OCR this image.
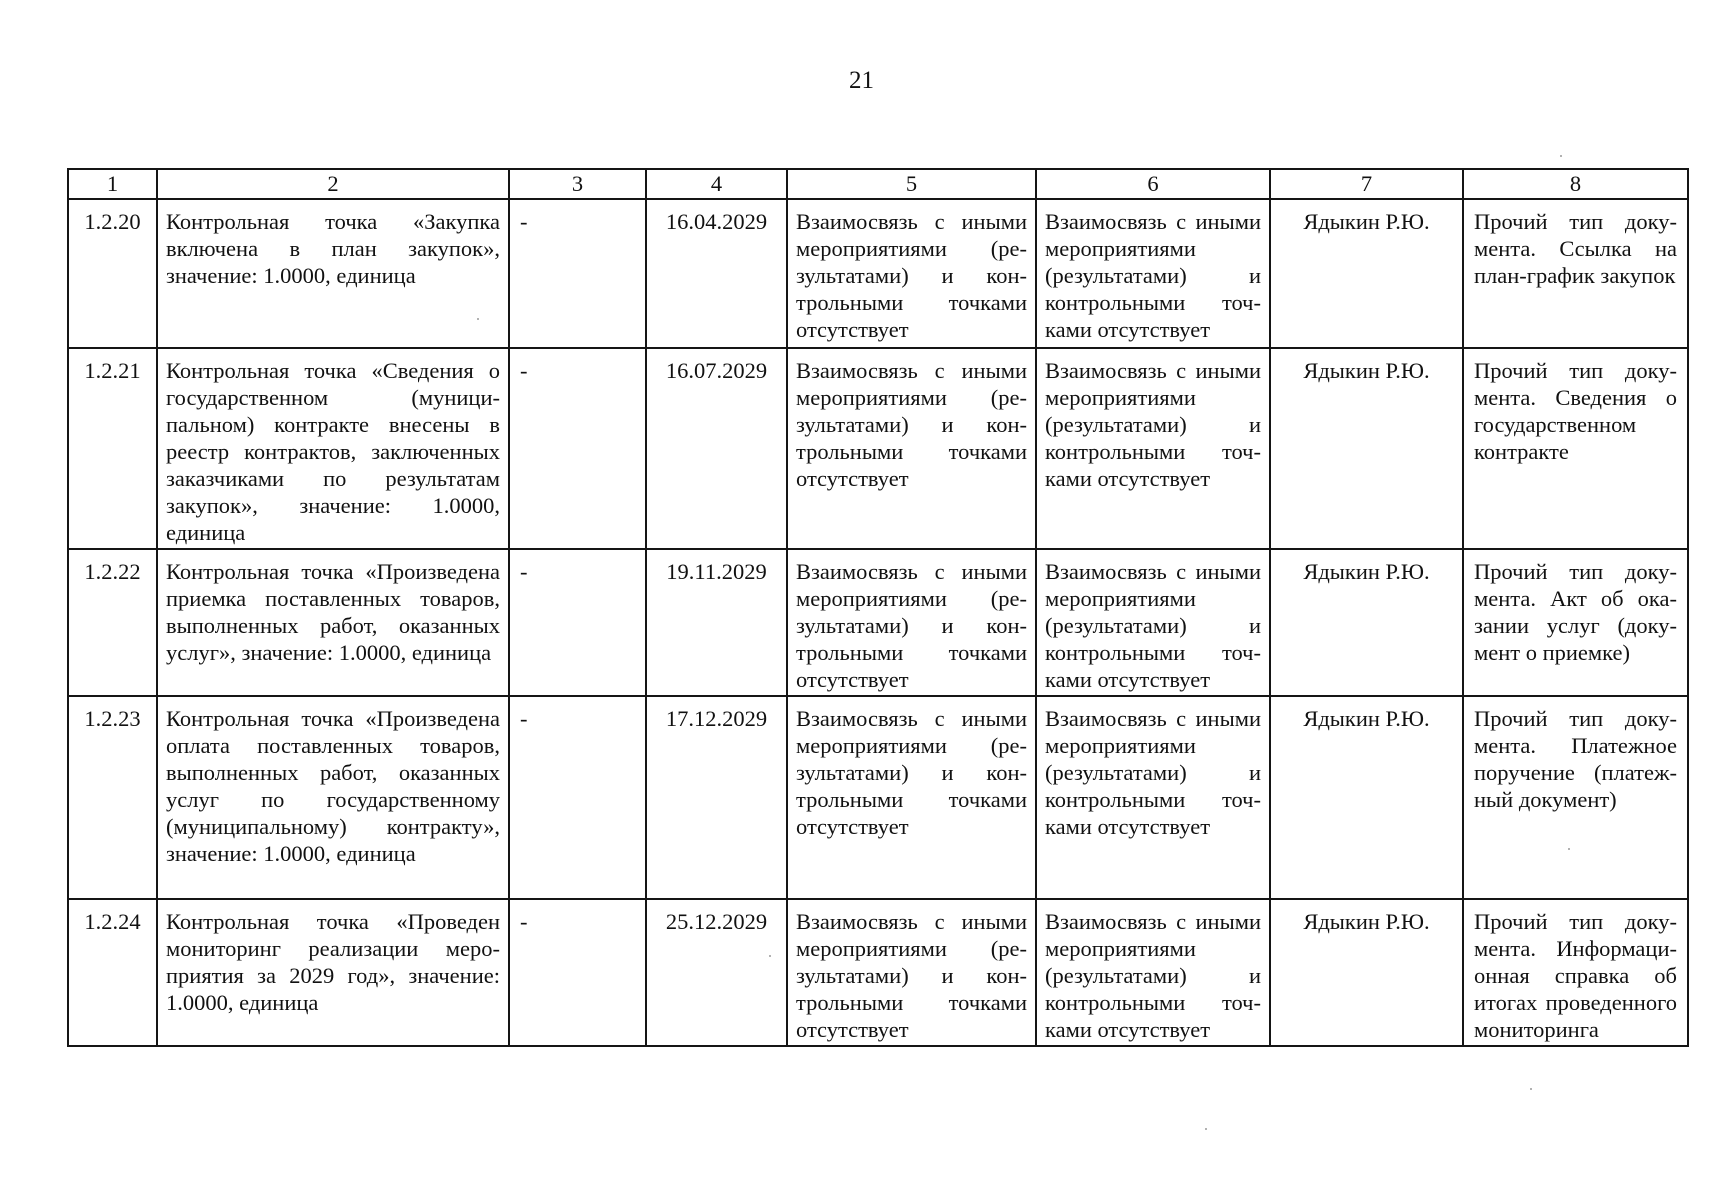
21
1	2	3	4	5	6	7	8
1.2.20	Контрольная точка «Закупка включена в план закупок», значение: 1.0000, единица	-	16.04.2029	Взаимосвязь с иными мероприятиями (результатами) и контрольными точками отсутствует	Взаимосвязь с иными мероприятиями (результатами) и контрольными точками отсутствует	Ядыкин Р.Ю.	Прочий тип документа. Ссылка на план-график закупок
1.2.21	Контрольная точка «Сведения о государственном (муниципальном) контракте внесены в реестр контрактов, заключенных заказчиками по результатам закупок», значение: 1.0000, единица	-	16.07.2029	Взаимосвязь с иными мероприятиями (результатами) и контрольными точками отсутствует	Взаимосвязь с иными мероприятиями (результатами) и контрольными точками отсутствует	Ядыкин Р.Ю.	Прочий тип документа. Сведения о государственном контракте
1.2.22	Контрольная точка «Произведена приемка поставленных товаров, выполненных работ, оказанных услуг», значение: 1.0000, единица	-	19.11.2029	Взаимосвязь с иными мероприятиями (результатами) и контрольными точками отсутствует	Взаимосвязь с иными мероприятиями (результатами) и контрольными точками отсутствует	Ядыкин Р.Ю.	Прочий тип документа. Акт об оказании услуг (документ о приемке)
1.2.23	Контрольная точка «Произведена оплата поставленных товаров, выполненных работ, оказанных услуг по государственному (муниципальному) контракту», значение: 1.0000, единица	-	17.12.2029	Взаимосвязь с иными мероприятиями (результатами) и контрольными точками отсутствует	Взаимосвязь с иными мероприятиями (результатами) и контрольными точками отсутствует	Ядыкин Р.Ю.	Прочий тип документа. Платежное поручение (платежный документ)
1.2.24	Контрольная точка «Проведен мониторинг реализации мероприятия за 2029 год», значение: 1.0000, единица	-	25.12.2029	Взаимосвязь с иными мероприятиями (результатами) и контрольными точками отсутствует	Взаимосвязь с иными мероприятиями (результатами) и контрольными точками отсутствует	Ядыкин Р.Ю.	Прочий тип документа. Информационная справка об итогах проведенного мониторинга
